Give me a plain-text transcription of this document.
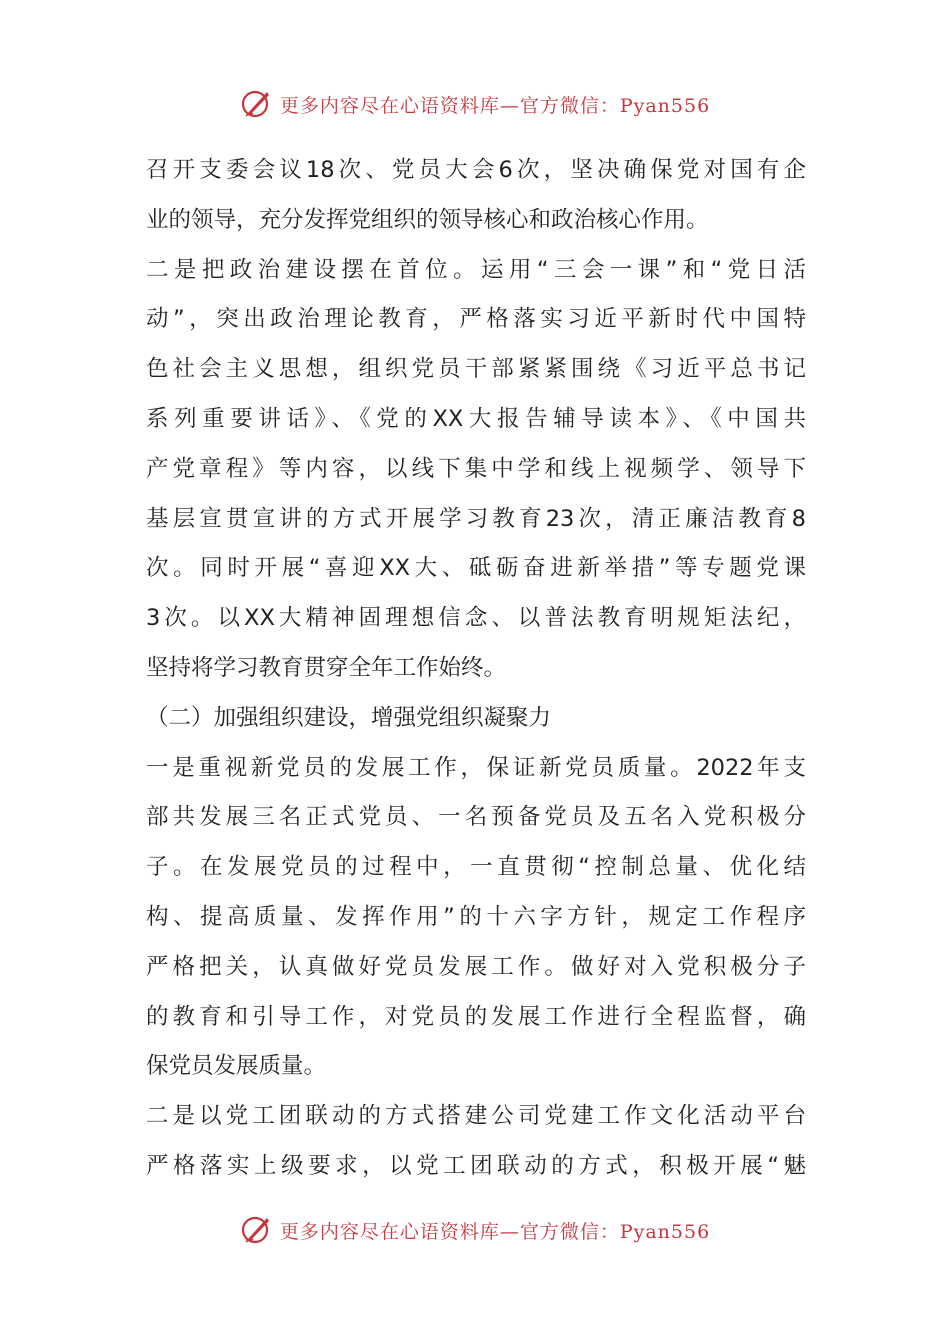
更多内容尽在心语资料库—官方微信：Pyan556
召开支委会议18次、党员大会6次，坚决确保党对国有企
业的领导，充分发挥党组织的领导核心和政治核心作用。
二是把政治建设摆在首位。运用“三会一课”和“党日活
动”，突出政治理论教育，严格落实习近平新时代中国特
色社会主义思想，组织党员干部紧紧围绕《习近平总书记
系列重要讲话》、《党的XX大报告辅导读本》、《中国共
产党章程》等内容，以线下集中学和线上视频学、领导下
基层宣贯宣讲的方式开展学习教育23次，清正廉洁教育8
次。同时开展“喜迎XX大、砥砺奋进新举措”等专题党课
3次。以XX大精神固理想信念、以普法教育明规矩法纪，
坚持将学习教育贯穿全年工作始终。
（二）加强组织建设，增强党组织凝聚力
一是重视新党员的发展工作，保证新党员质量。2022年支
部共发展三名正式党员、一名预备党员及五名入党积极分
子。在发展党员的过程中，一直贯彻“控制总量、优化结
构、提高质量、发挥作用”的十六字方针，规定工作程序
严格把关，认真做好党员发展工作。做好对入党积极分子
的教育和引导工作，对党员的发展工作进行全程监督，确
保党员发展质量。
二是以党工团联动的方式搭建公司党建工作文化活动平台
严格落实上级要求，以党工团联动的方式，积极开展“魅
更多内容尽在心语资料库—官方微信：Pyan556
